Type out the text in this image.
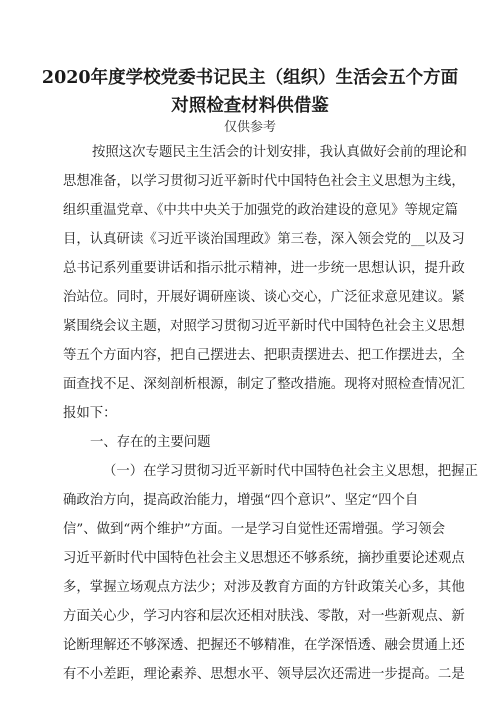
2020年度学校党委书记民主（组织）生活会五个方面
对照检查材料供借鉴
仅供参考

按照这次专题民主生活会的计划安排，我认真做好会前的理论和

思想准备，以学习贯彻习近平新时代中国特色社会主义思想为主线，

组织重温党章、《中共中央关于加强党的政治建设的意见》等规定篇

目，认真研读《习近平谈治国理政》第三卷，深入领会党的__以及习

总书记系列重要讲话和指示批示精神，进一步统一思想认识，提升政

治站位。同时，开展好调研座谈、谈心交心，广泛征求意见建议。紧

紧围绕会议主题，对照学习贯彻习近平新时代中国特色社会主义思想

等五个方面内容，把自己摆进去、把职责摆进去、把工作摆进去，全

面查找不足、深刻剖析根源，制定了整改措施。现将对照检查情况汇

报如下：

一、存在的主要问题

（一）在学习贯彻习近平新时代中国特色社会主义思想，把握正

确政治方向，提高政治能力，增强“四个意识”、坚定“四个自

信”、做到“两个维护”方面。一是学习自觉性还需增强。学习领会

习近平新时代中国特色社会主义思想还不够系统，摘抄重要论述观点

多，掌握立场观点方法少；对涉及教育方面的方针政策关心多，其他

方面关心少，学习内容和层次还相对肤浅、零散，对一些新观点、新

论断理解还不够深透、把握还不够精准，在学深悟透、融会贯通上还

有不小差距，理论素养、思想水平、领导层次还需进一步提高。二是
